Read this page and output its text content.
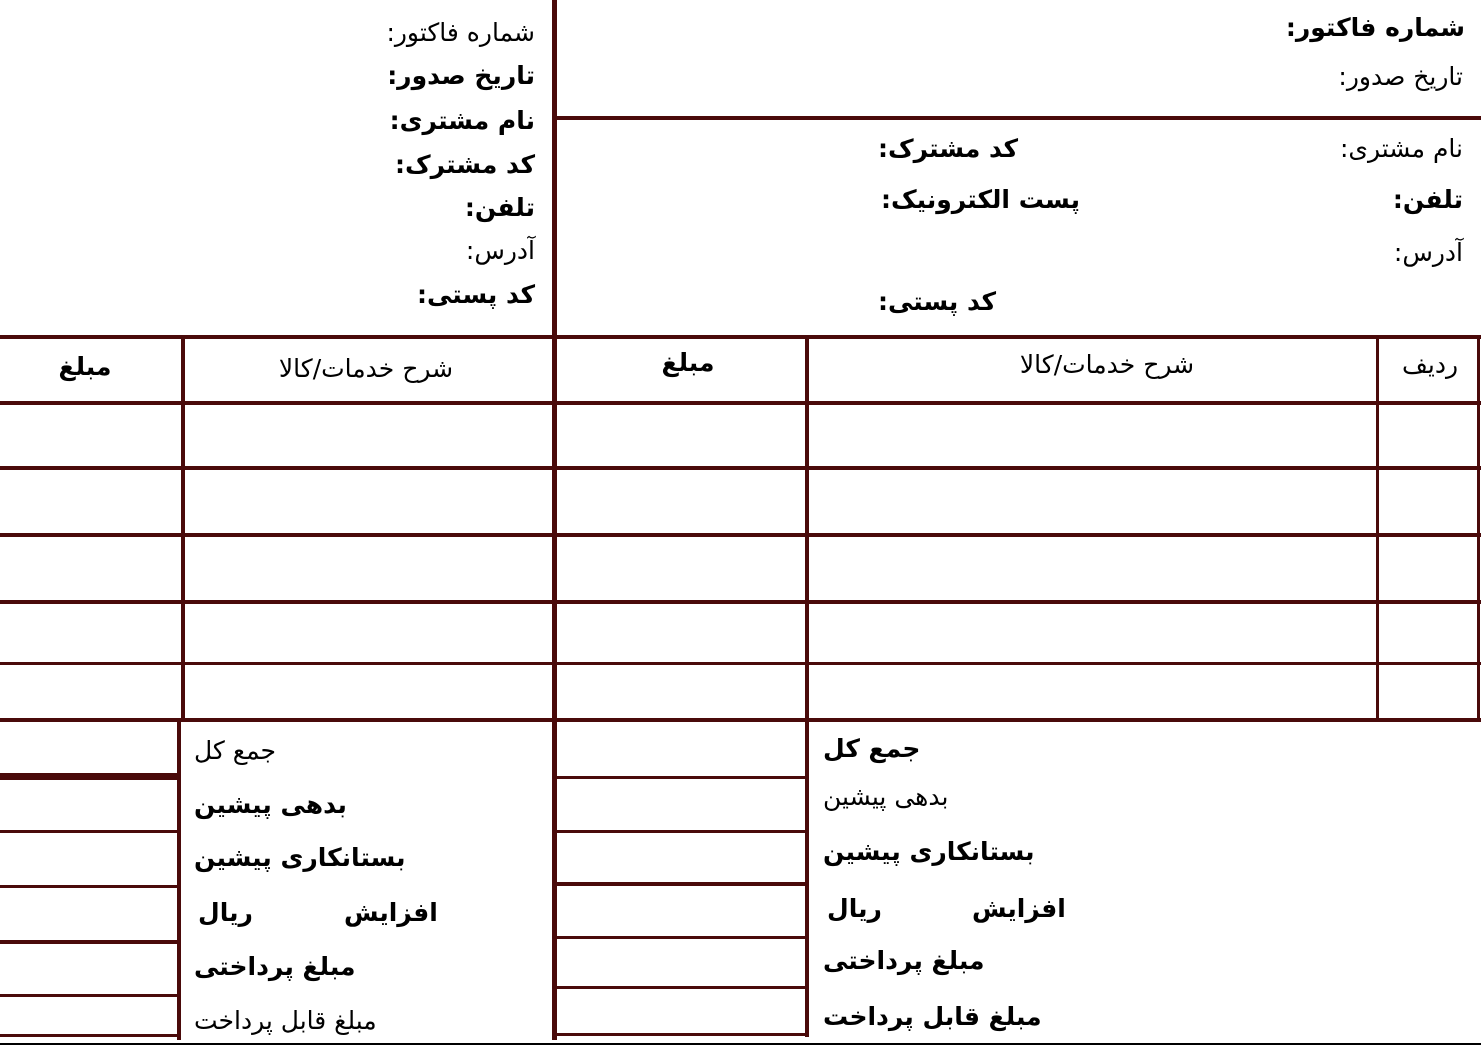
شماره فاکتور:
تاریخ صدور:
نام مشتری:
کد مشترک:
تلفن:
آدرس:
کد پستی:
شماره فاکتور:
تاریخ صدور:
نام مشتری:
کد مشترک:
تلفن:
پست الکترونیک:
آدرس:
کد پستی:
مبلغ	شرح خدمات/کالا	مبلغ	شرح خدمات/کالا	ردیف
جمع کل
بدهی پیشین
بستانکاری پیشین
ریال	افزایش
مبلغ پرداختی
مبلغ قابل پرداخت
جمع کل
بدهی پیشین
بستانکاری پیشین
ریال	افزایش
مبلغ پرداختی
مبلغ قابل پرداخت
